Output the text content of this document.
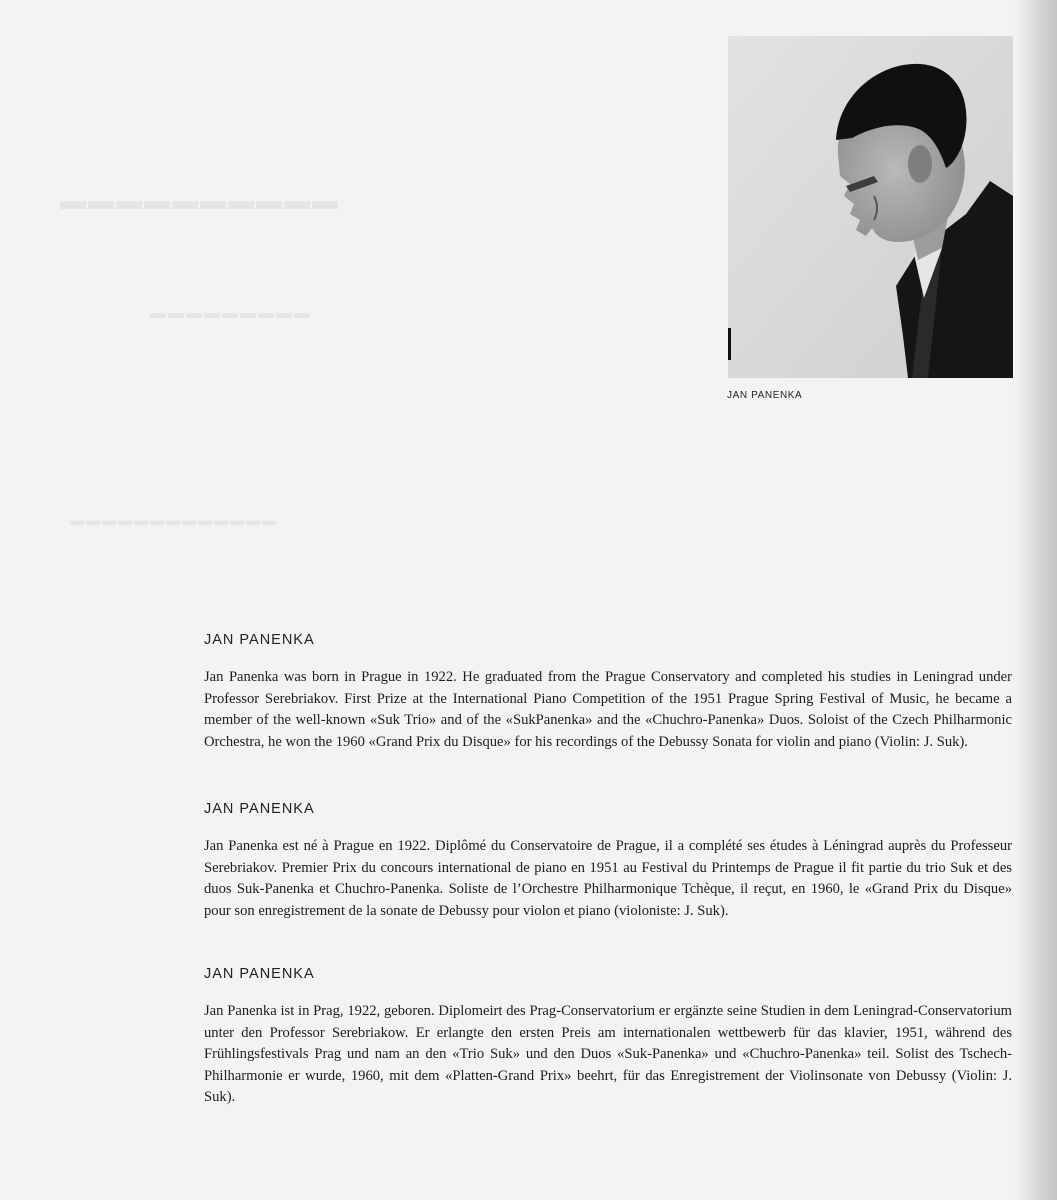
▬▬▬▬▬▬▬▬▬▬
▬▬▬▬▬▬▬▬▬
▬▬▬▬▬▬▬▬▬▬▬▬▬
JAN PANENKA
JAN PANENKA

Jan Panenka was born in Prague in 1922. He graduated from the Prague Conservatory and completed his studies in Leningrad under Professor Serebriakov. First Prize at the International Piano Competition of the 1951 Prague Spring Festival of Music, he became a member of the well-known «Suk Trio» and of the «SukPanenka» and the «Chuchro-Panenka» Duos. Soloist of the Czech Philharmonic Orchestra, he won the 1960 «Grand Prix du Disque» for his recordings of the Debussy Sonata for violin and piano (Violin: J. Suk).

JAN PANENKA

Jan Panenka est né à Prague en 1922. Diplômé du Conservatoire de Prague, il a complété ses études à Léningrad auprès du Professeur Serebriakov. Premier Prix du concours international de piano en 1951 au Festival du Printemps de Prague il fit partie du trio Suk et des duos Suk-Panenka et Chuchro-Panenka. Soliste de l’Orchestre Philharmonique Tchèque, il reçut, en 1960, le «Grand Prix du Disque» pour son enregistrement de la sonate de Debussy pour violon et piano (violoniste: J. Suk).

JAN PANENKA

Jan Panenka ist in Prag, 1922, geboren. Diplomeirt des Prag-Conservatorium er ergänzte seine Studien in dem Leningrad-Conservatorium unter den Professor Serebriakow. Er erlangte den ersten Preis am internationalen wettbewerb für das klavier, 1951, während des Frühlingsfestivals Prag und nam an den «Trio Suk» und den Duos «Suk-Panenka» und «Chuchro-Panenka» teil. Solist des Tschech-Philharmonie er wurde, 1960, mit dem «Platten-Grand Prix» beehrt, für das Enregistrement der Violinsonate von Debussy (Violin: J. Suk).
